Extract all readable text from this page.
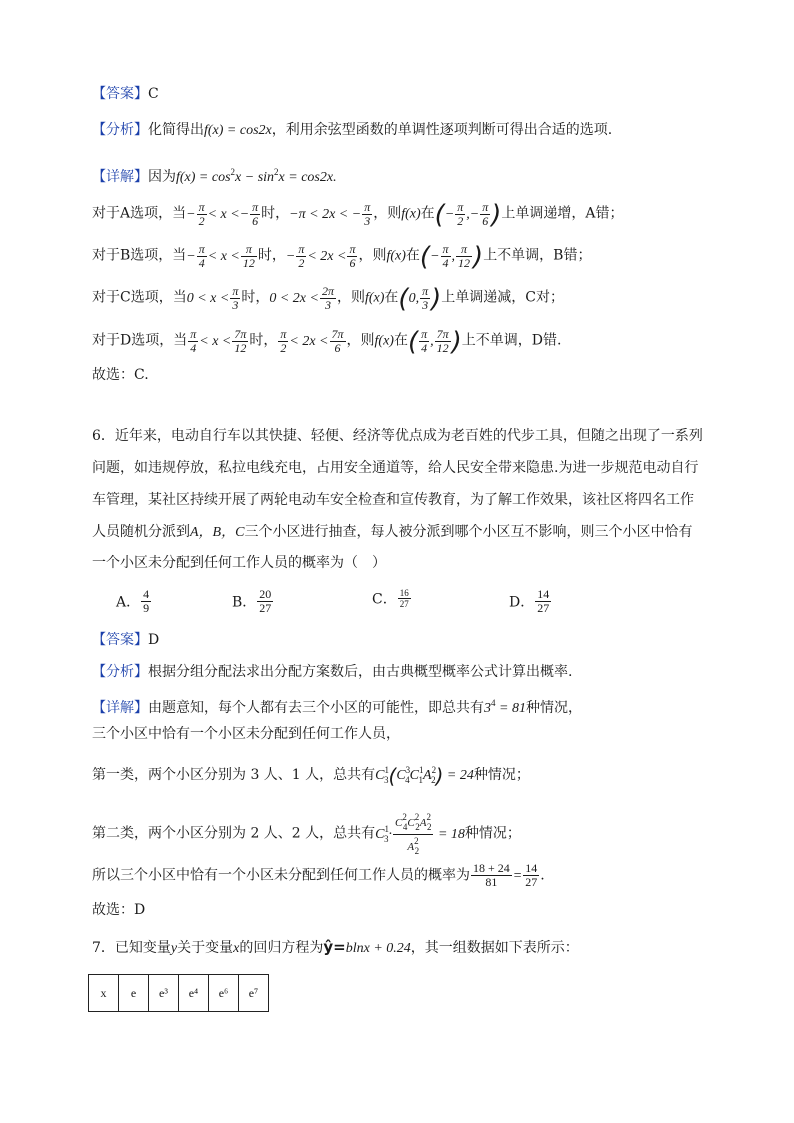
【答案】C
【分析】化简得出f(x) = cos2x，利用余弦型函数的单调性逐项判断可得出合适的选项.
【详解】因为$f(x) = \cos^2x - \sin^2x = \cos 2x$.
对于A选项，当− $\frac{\pi}{2} < x <- \frac{\pi}{6}$ 时，−π < 2x < − $\frac{\pi}{3}$ ，则f(x)在(− $\frac{\pi}{2}$ ,− $\frac{\pi}{6}$ )上单调递增，A错；
对于B选项，当− $\frac{\pi}{4} < x < \frac{\pi}{12}$ 时，− $\frac{\pi}{2} < 2x < \frac{\pi}{6}$ ，则f(x)在(− $\frac{\pi}{4}$ , $\frac{\pi}{12}$ )上不单调，B错；
对于C选项，当$0 < x < \frac{\pi}{3}$ 时，$0 < 2x < \frac{2\pi}{3}$ ，则f(x)在(0, $\frac{\pi}{3}$ )上单调递减，C对；
对于D选项，当 $\frac{\pi}{4} < x < \frac{7\pi}{12}$ 时， $\frac{\pi}{2} < 2x < \frac{7\pi}{6}$ ，则f(x)在( $\frac{\pi}{4}$ , $\frac{7\pi}{12}$ )上不单调，D错.
故选：C.
6．近年来，电动自行车以其快捷、轻便、经济等优点成为老百姓的代步工具，但随之出现了一系列
问题，如违规停放，私拉电线充电，占用安全通道等，给人民安全带来隐患.为进一步规范电动自行
车管理，某社区持续开展了两轮电动车安全检查和宣传教育，为了解工作效果，该社区将四名工作
人员随机分派到A，B，C三个小区进行抽查，每人被分派到哪个小区互不影响，则三个小区中恰有
一个小区未分配到任何工作人员的概率为（　）
A． $\frac{4}{9}$	B． $\frac{20}{27}$	C． $\frac{16}{27}$	D． $\frac{14}{27}$
【答案】D
【分析】根据分组分配法求出分配方案数后，由古典概型概率公式计算出概率.
【详解】由题意知，每个人都有去三个小区的可能性，即总共有$3^4 = 81$种情况，
三个小区中恰有一个小区未分配到任何工作人员，
第一类，两个小区分别为 3 人、1 人，总共有$C^1_3(C^3_4C^1_1A^2_2) = 24$种情况；
第二类，两个小区分别为 2 人、2 人，总共有$C^1_3\cdot \frac{C^2_4C^2_2A^2_2}{A^2_2} = 18$种情况；
所以三个小区中恰有一个小区未分配到任何工作人员的概率为 $\frac{18 + 24}{81} = \frac{14}{27}$ .
故选：D
7．已知变量y关于变量x的回归方程为ŷ=blnx + 0.24，其一组数据如下表所示：
x	e	e³	e⁴	e⁶	e⁷
